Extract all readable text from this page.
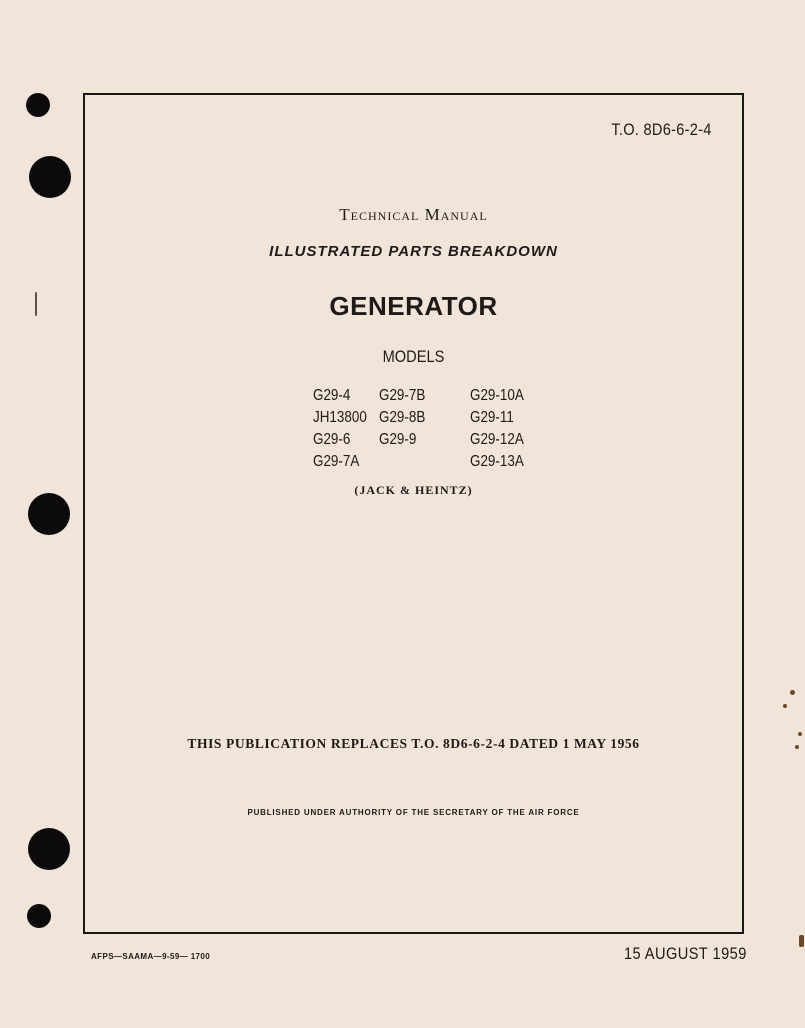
T.O. 8D6-6-2-4
Technical Manual
ILLUSTRATED PARTS BREAKDOWN
GENERATOR
MODELS
G29-4
JH13800
G29-6
G29-7A
G29-7B
G29-8B
G29-9
G29-10A
G29-11
G29-12A
G29-13A
(JACK & HEINTZ)
THIS PUBLICATION REPLACES T.O. 8D6-6-2-4 DATED 1 MAY 1956
PUBLISHED UNDER AUTHORITY OF THE SECRETARY OF THE AIR FORCE
AFPS—SAAMA—9-59— 1700	15 AUGUST 1959
